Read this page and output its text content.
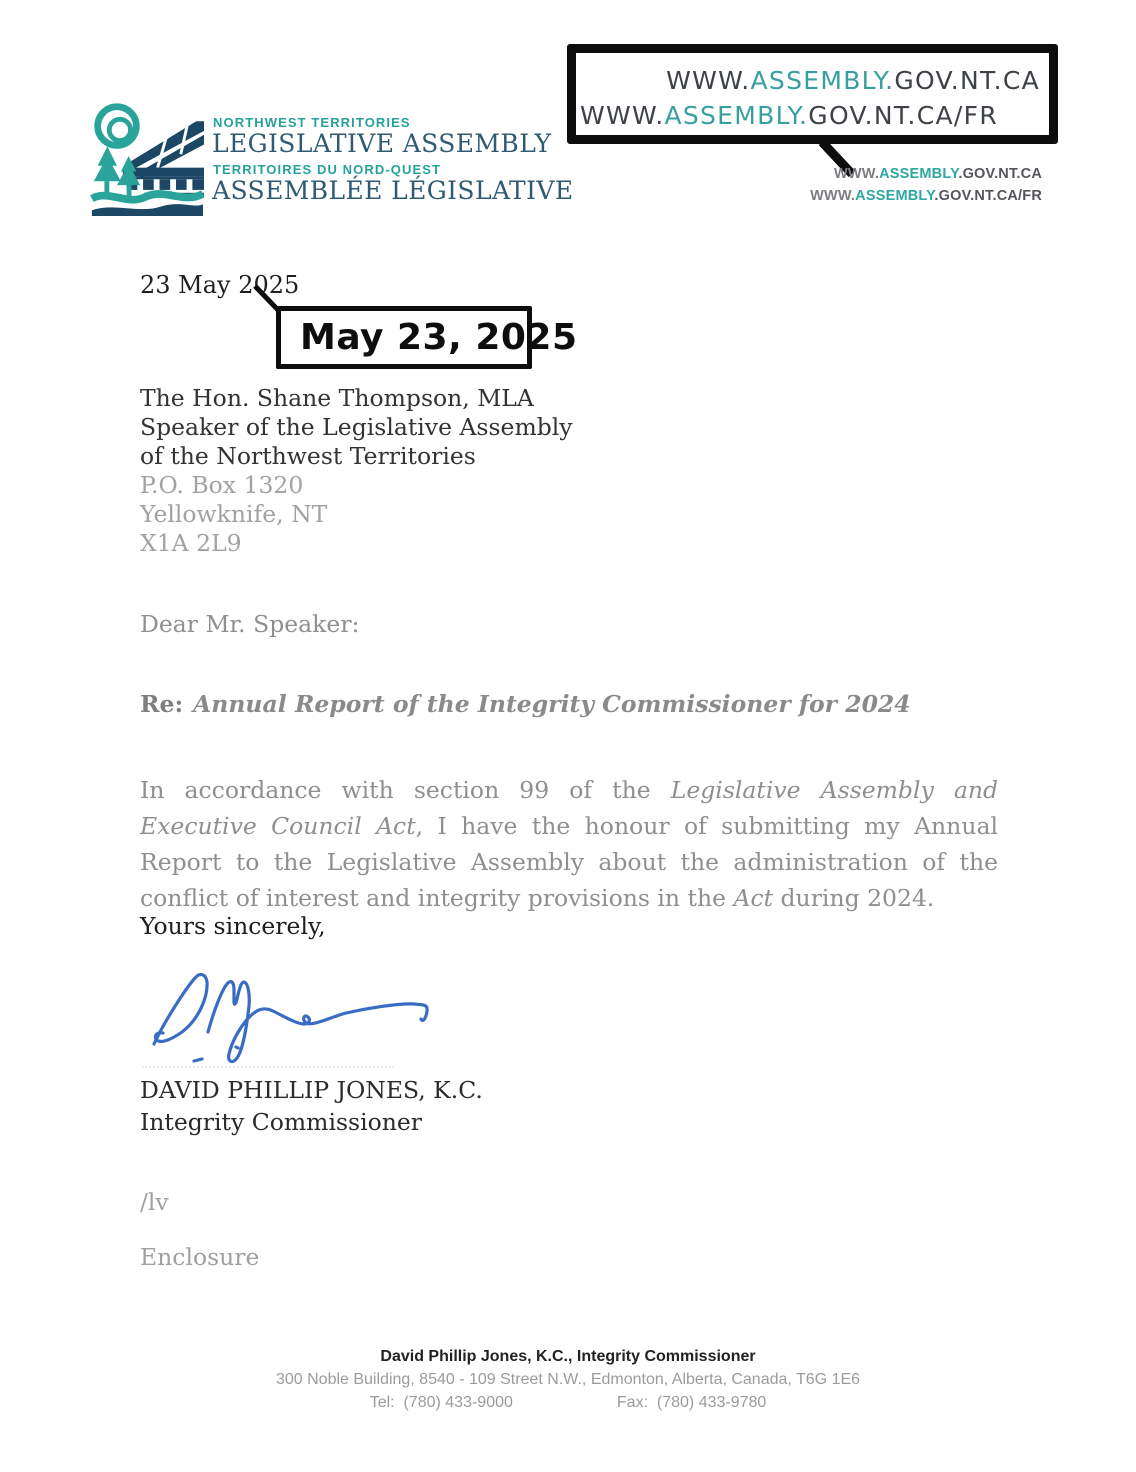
NORTHWEST TERRITORIES
LEGISLATIVE ASSEMBLY
TERRITOIRES DU NORD-QUEST
ASSEMBLÉE LÉGISLATIVE
WWW.ASSEMBLY.GOV.NT.CA
WWW.ASSEMBLY.GOV.NT.CA/FR
WWW.ASSEMBLY.GOV.NT.CA
WWW.ASSEMBLY.GOV.NT.CA/FR
23 May 2025
May 23, 2025
The Hon. Shane Thompson, MLA
Speaker of the Legislative Assembly
of the Northwest Territories
P.O. Box 1320
Yellowknife, NT
X1A 2L9
Dear Mr. Speaker:
Re: Annual Report of the Integrity Commissioner for 2024
In accordance with section 99 of the Legislative Assembly and Executive Council Act, I have the honour of submitting my Annual Report to the Legislative Assembly about the administration of the conflict of interest and integrity provisions in the Act during 2024.
Yours sincerely,
DAVID PHILLIP JONES, K.C.
Integrity Commissioner
/lv
Enclosure
David Phillip Jones, K.C., Integrity Commissioner
300 Noble Building, 8540 - 109 Street N.W., Edmonton, Alberta, Canada, T6G 1E6
Tel:  (780) 433-9000	Fax:  (780) 433-9780
